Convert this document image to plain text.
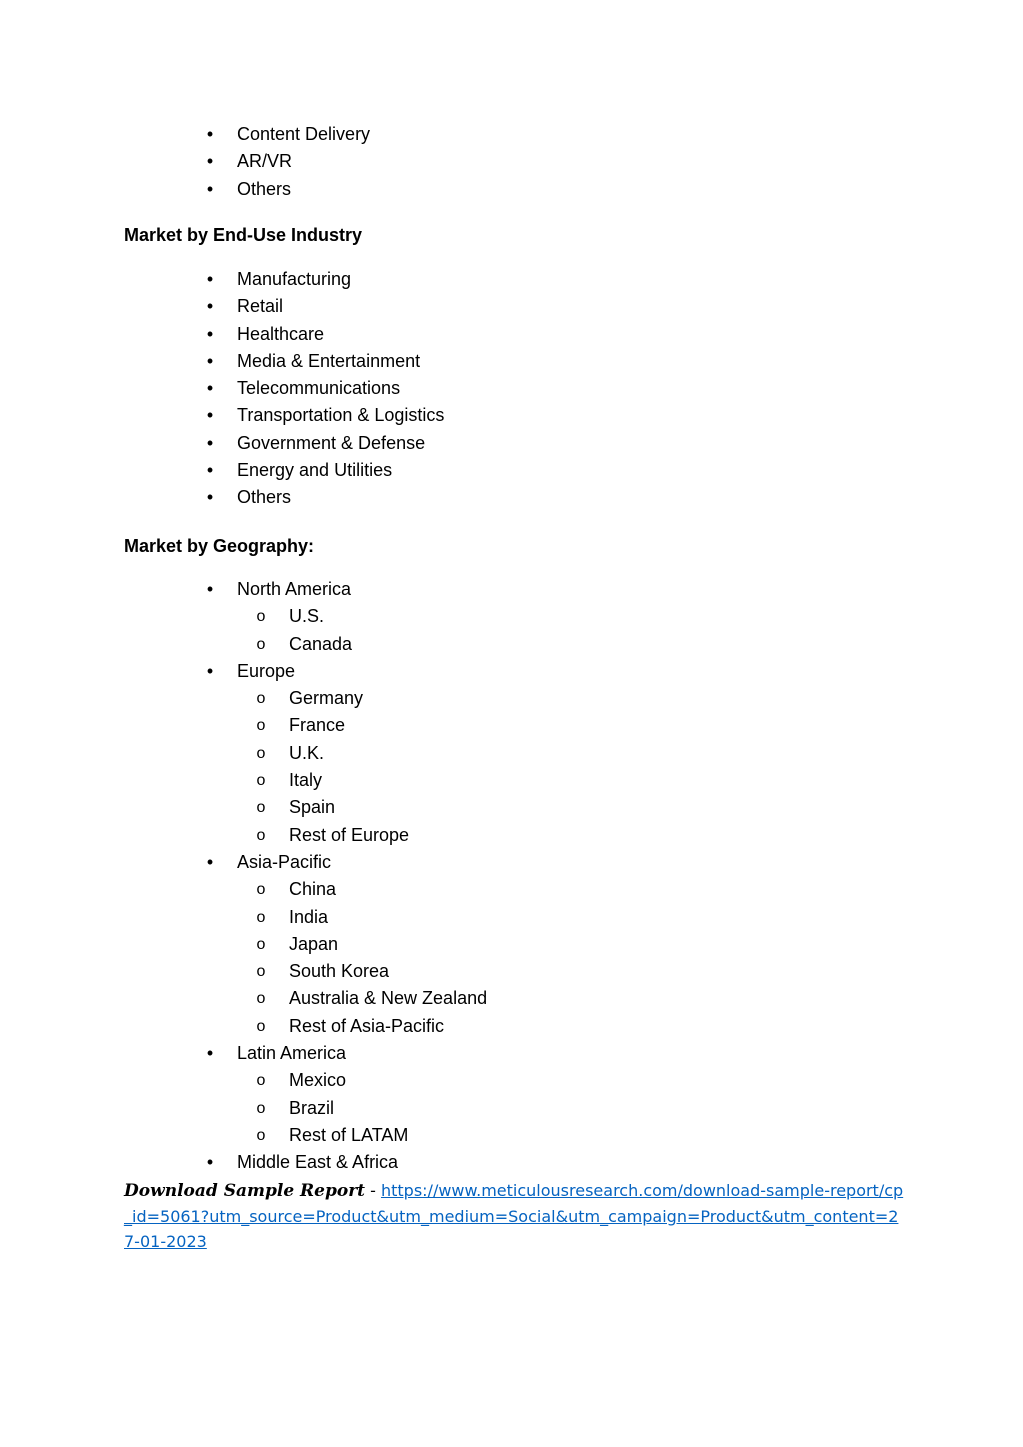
• Content Delivery
• AR/VR
• Others
Market by End-Use Industry
• Manufacturing
• Retail
• Healthcare
• Media & Entertainment
• Telecommunications
• Transportation & Logistics
• Government & Defense
• Energy and Utilities
• Others
Market by Geography:
• North America
o U.S.
o Canada
• Europe
o Germany
o France
o U.K.
o Italy
o Spain
o Rest of Europe
• Asia-Pacific
o China
o India
o Japan
o South Korea
o Australia & New Zealand
o Rest of Asia-Pacific
• Latin America
o Mexico
o Brazil
o Rest of LATAM
• Middle East & Africa
Download Sample Report - https://www.meticulousresearch.com/download-sample-report/cp_id=5061?utm_source=Product&utm_medium=Social&utm_campaign=Product&utm_content=27-01-2023
